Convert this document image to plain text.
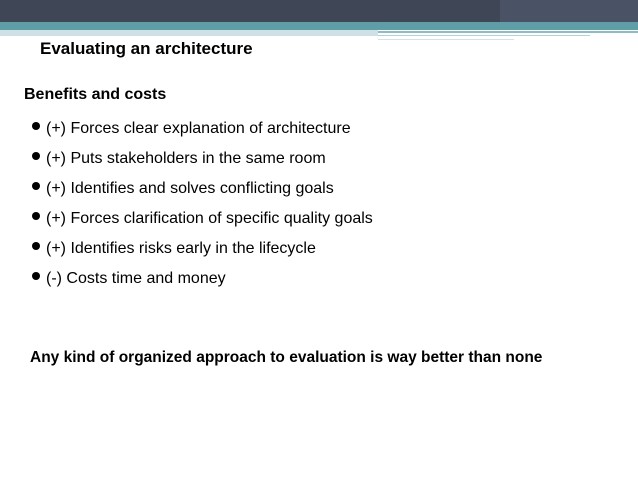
Evaluating an architecture
Benefits and costs
(+) Forces clear explanation of architecture
(+) Puts stakeholders in the same room
(+) Identifies and solves conflicting goals
(+) Forces clarification of specific quality goals
(+) Identifies risks early in the lifecycle
(-) Costs time and money
Any kind of organized approach to evaluation is way better than none
